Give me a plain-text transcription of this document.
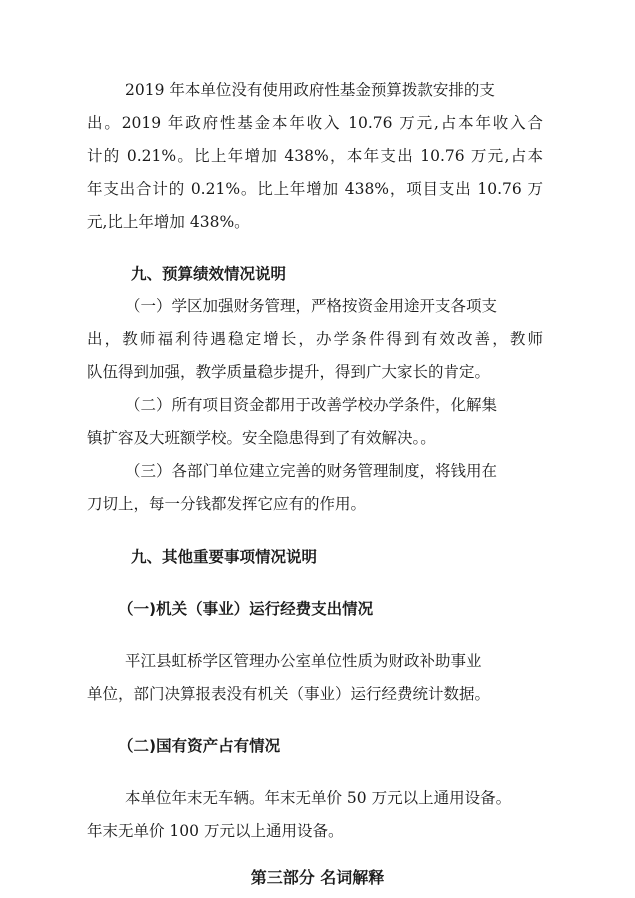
2019 年本单位没有使用政府性基金预算拨款安排的支
出。2019 年政府性基金本年收入 10.76 万元,占本年收入合
计的 0.21%。比上年增加 438%，本年支出 10.76 万元,占本
年支出合计的 0.21%。比上年增加 438%，项目支出 10.76 万
元,比上年增加 438%。
九、预算绩效情况说明
（一）学区加强财务管理，严格按资金用途开支各项支
出，教师福利待遇稳定增长，办学条件得到有效改善，教师
队伍得到加强，教学质量稳步提升，得到广大家长的肯定。
（二）所有项目资金都用于改善学校办学条件，化解集
镇扩容及大班额学校。安全隐患得到了有效解决。。
（三）各部门单位建立完善的财务管理制度，将钱用在
刀切上，每一分钱都发挥它应有的作用。
九、其他重要事项情况说明
（一)机关（事业）运行经费支出情况
平江县虹桥学区管理办公室单位性质为财政补助事业
单位，部门决算报表没有机关（事业）运行经费统计数据。
（二)国有资产占有情况
本单位年末无车辆。年末无单价 50 万元以上通用设备。
年末无单价 100 万元以上通用设备。
第三部分 名词解释
